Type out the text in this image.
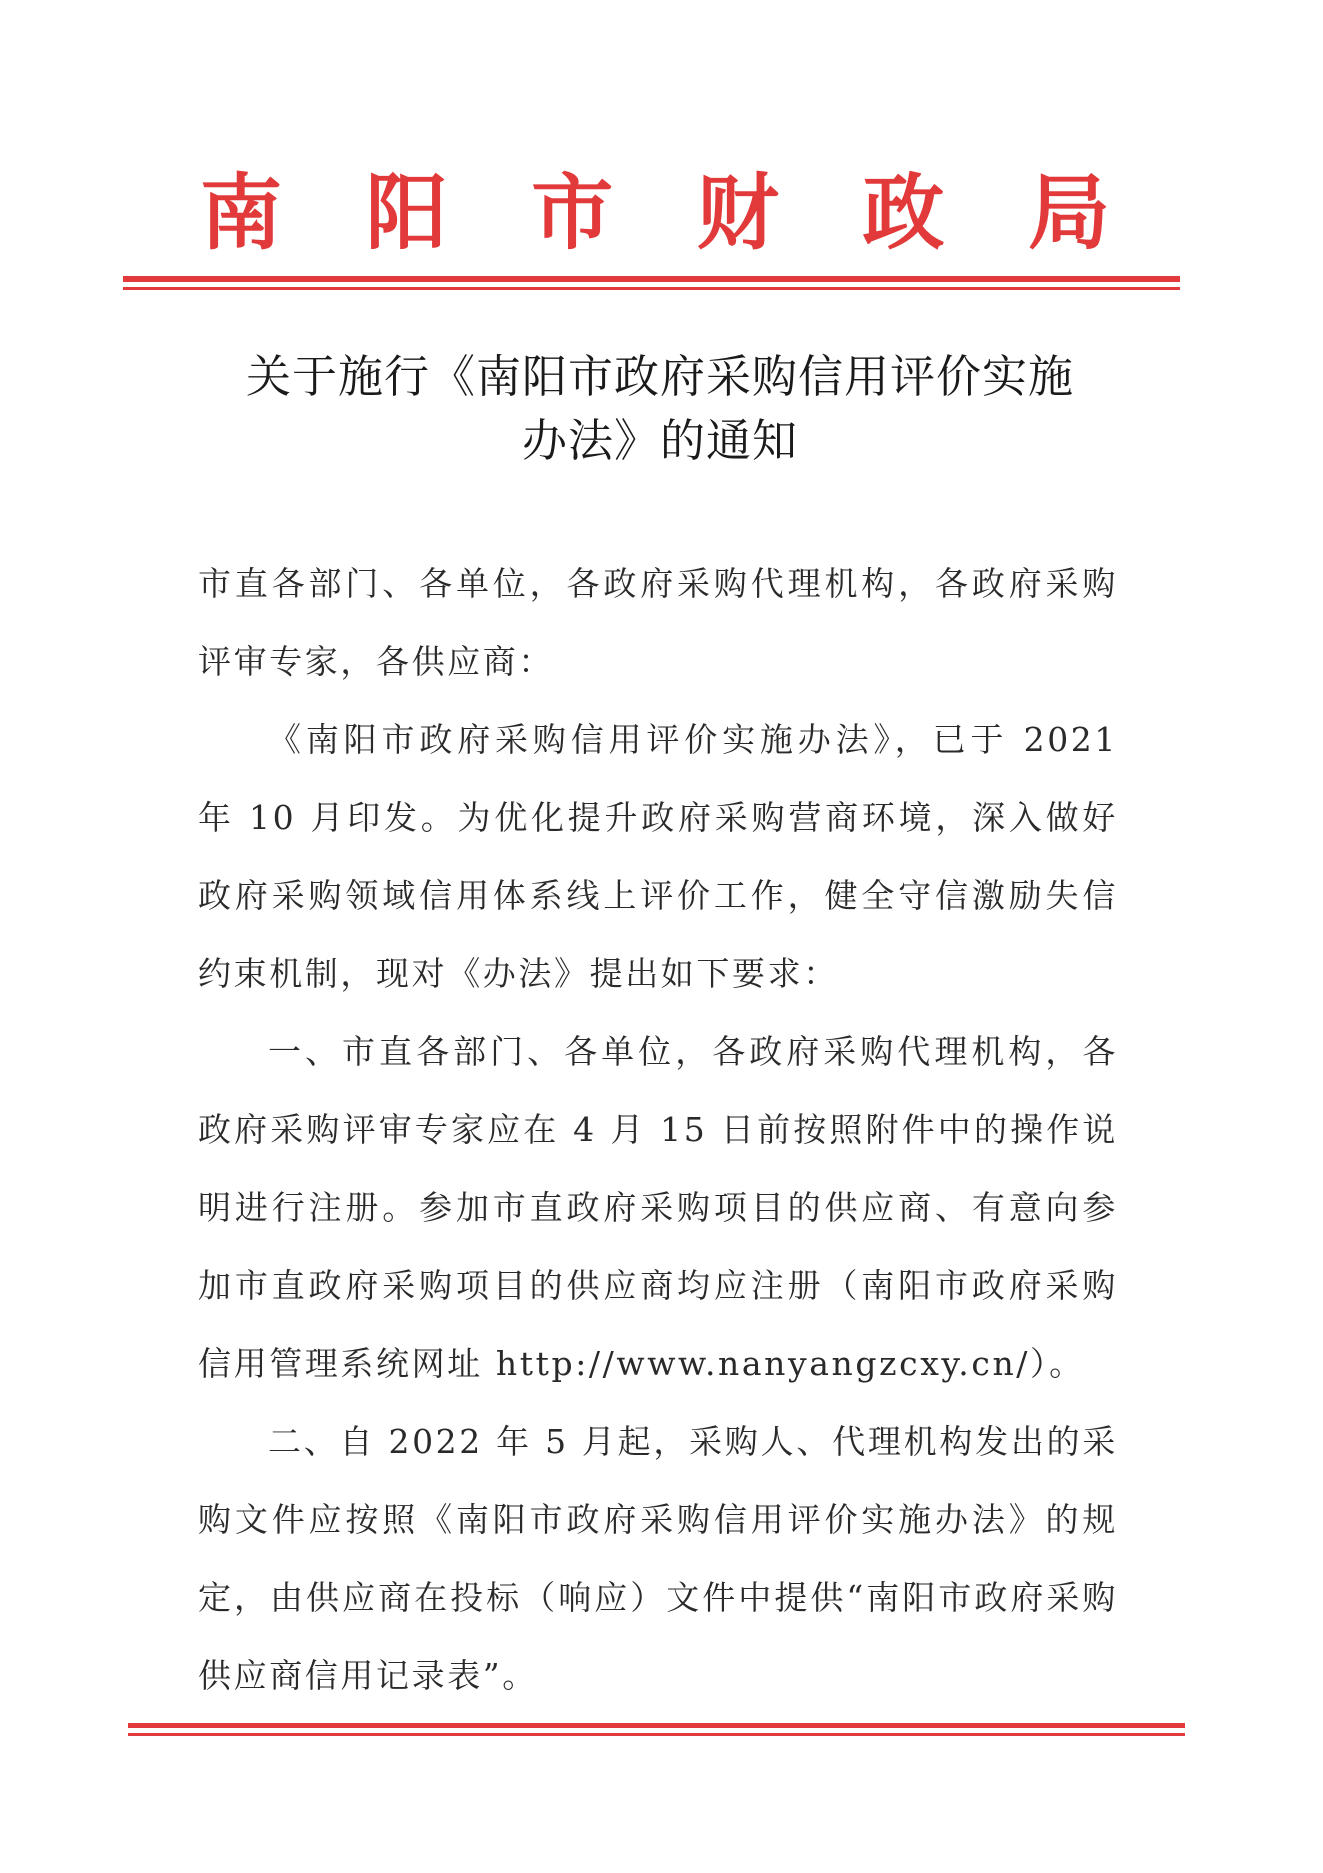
南 阳 市 财 政 局
关于施行《南阳市政府采购信用评价实施
办法》的通知

市直各部门、各单位，各政府采购代理机构，各政府采购评审专家，各供应商：

《南阳市政府采购信用评价实施办法》，已于 2021 年 10 月印发。为优化提升政府采购营商环境，深入做好政府采购领域信用体系线上评价工作，健全守信激励失信约束机制，现对《办法》提出如下要求：

一、市直各部门、各单位，各政府采购代理机构，各政府采购评审专家应在 4 月 15 日前按照附件中的操作说明进行注册。参加市直政府采购项目的供应商、有意向参加市直政府采购项目的供应商均应注册（南阳市政府采购信用管理系统网址 http://www.nanyangzcxy.cn/）。

二、自 2022 年 5 月起，采购人、代理机构发出的采购文件应按照《南阳市政府采购信用评价实施办法》的规定，由供应商在投标（响应）文件中提供“南阳市政府采购供应商信用记录表”。
